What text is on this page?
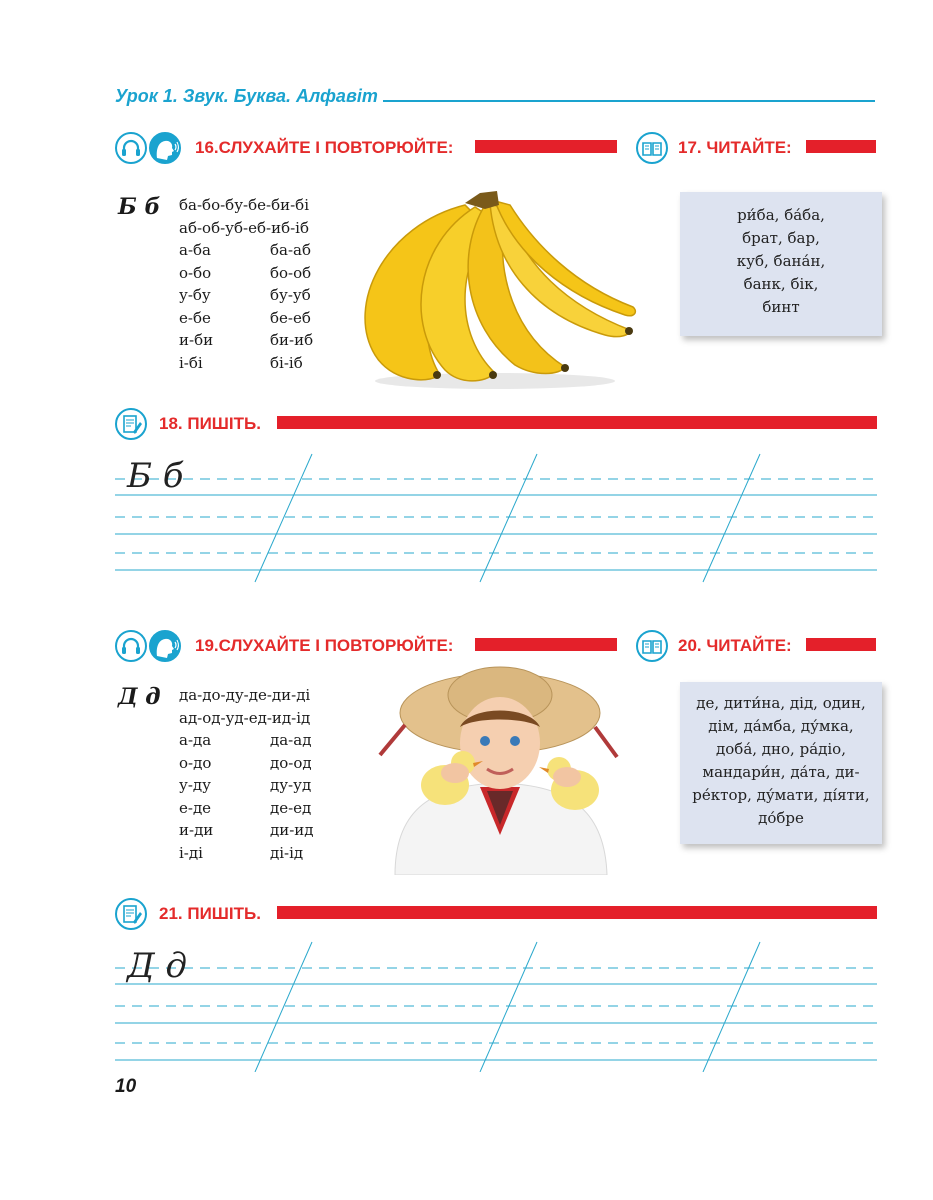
Урок 1. Звук. Буква. Алфавіт
16.СЛУХАЙТЕ І ПОВТОРЮЙТЕ:	17. ЧИТАЙТЕ:
Б б ба-бо-бу-бе-би-бі
аб-об-уб-еб-иб-іб
а-ба	ба-аб
о-бо	бо-об
у-бу	бу-уб
е-бе	бе-еб
и-би	би-иб
і-бі	бі-іб
ри́ба, ба́ба,
брат, бар,
куб, бана́н,
банк, бік,
бинт
18. ПИШІТЬ.
Б б
19.СЛУХАЙТЕ І ПОВТОРЮЙТЕ:	20. ЧИТАЙТЕ:
Д д да-до-ду-де-ди-ді
ад-од-уд-ед-ид-ід
а-да	да-ад
о-до	до-од
у-ду	ду-уд
е-де	де-ед
и-ди	ди-ид
і-ді	ді-ід
де, дити́на, дід, один,
дім, да́мба, ду́мка,
доба́, дно, ра́діо,
мандари́н, да́та, ди-
ре́ктор, ду́мати, ді́яти,
до́бре
21. ПИШІТЬ.
Д д
10
